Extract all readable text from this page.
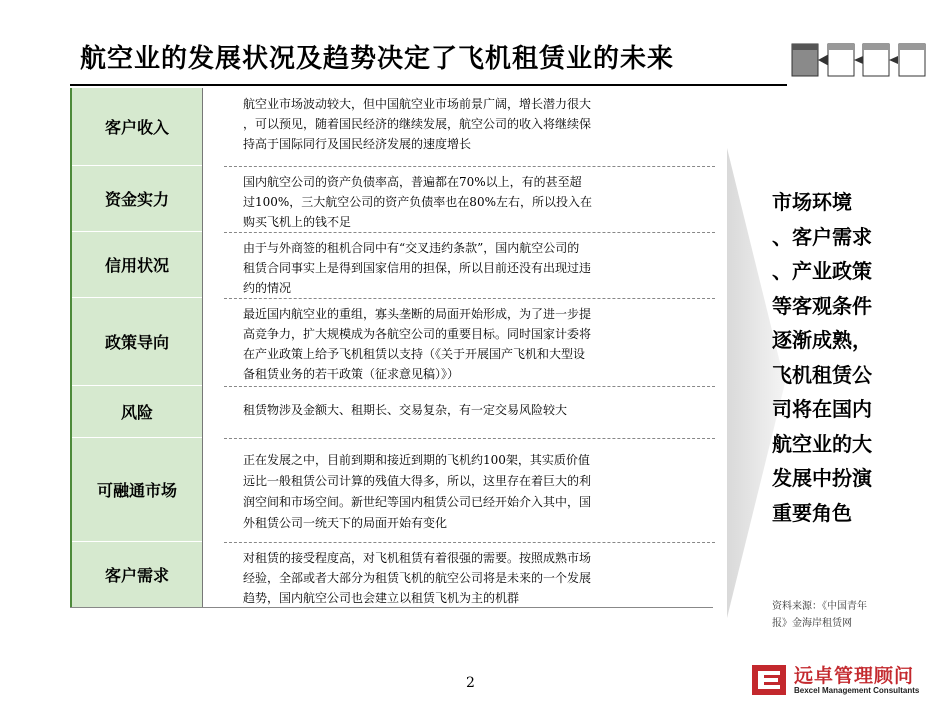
航空业的发展状况及趋势决定了飞机租赁业的未来
客户收入
航空业市场波动较大，但中国航空业市场前景广阔，增长潜力很大
，可以预见，随着国民经济的继续发展，航空公司的收入将继续保
持高于国际同行及国民经济发展的速度增长
资金实力
国内航空公司的资产负债率高，普遍都在70%以上，有的甚至超
过100%，三大航空公司的资产负债率也在80%左右，所以投入在
购买飞机上的钱不足
信用状况
由于与外商签的租机合同中有“交叉违约条款”，国内航空公司的
租赁合同事实上是得到国家信用的担保，所以目前还没有出现过违
约的情况
政策导向
最近国内航空业的重组，寡头垄断的局面开始形成，为了进一步提
高竞争力，扩大规模成为各航空公司的重要目标。同时国家计委将
在产业政策上给予飞机租赁以支持（《关于开展国产飞机和大型设
备租赁业务的若干政策（征求意见稿）》）
风险	租赁物涉及金额大、租期长、交易复杂，有一定交易风险较大
可融通市场
正在发展之中，目前到期和接近到期的飞机约100架，其实质价值
远比一般租赁公司计算的残值大得多，所以，这里存在着巨大的利
润空间和市场空间。新世纪等国内租赁公司已经开始介入其中，国
外租赁公司一统天下的局面开始有变化
客户需求
对租赁的接受程度高，对飞机租赁有着很强的需要。按照成熟市场
经验，全部或者大部分为租赁飞机的航空公司将是未来的一个发展
趋势，国内航空公司也会建立以租赁飞机为主的机群
市场环境
、客户需求
、产业政策
等客观条件
逐渐成熟，
飞机租赁公
司将在国内
航空业的大
发展中扮演
重要角色
资料来源：《中国青年
报》金海岸租赁网
2	远卓管理顾问
Bexcel Management Consultants
